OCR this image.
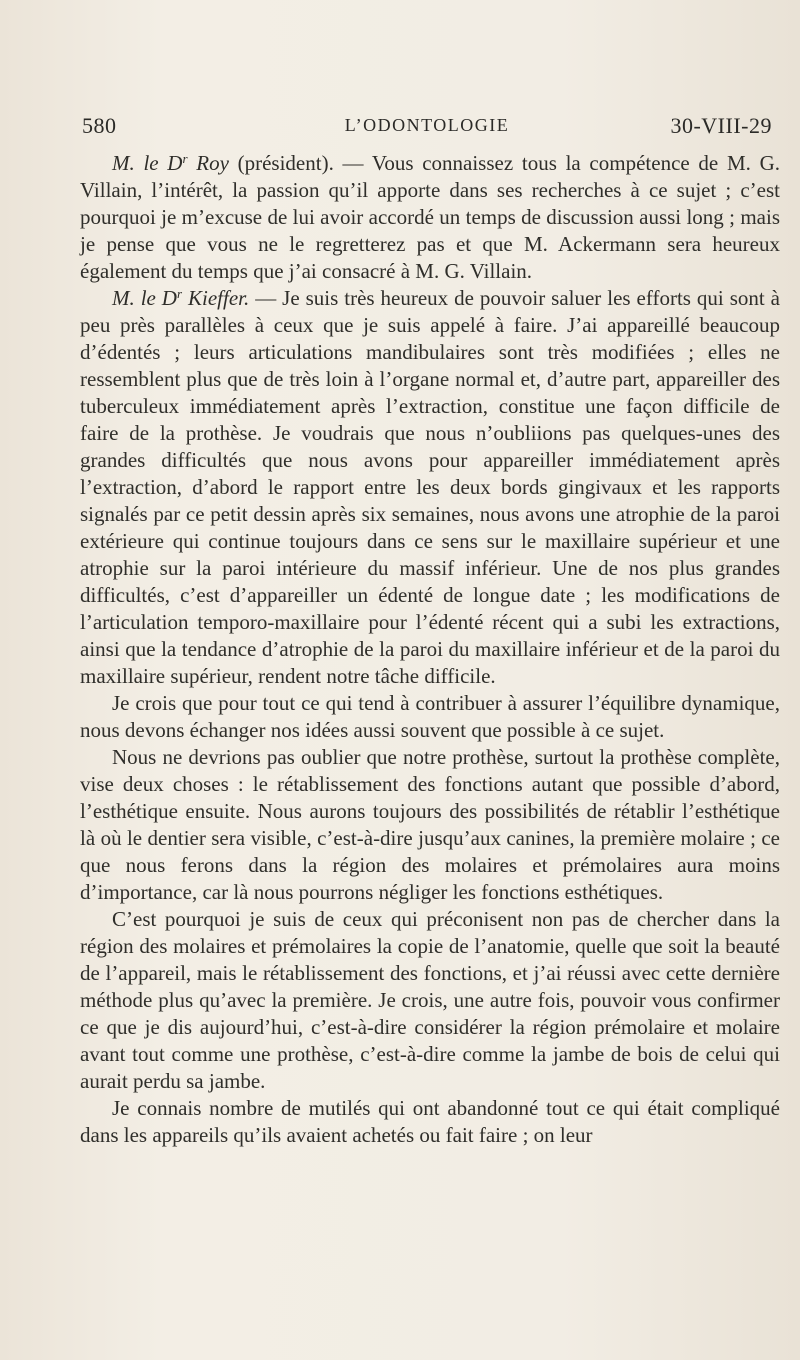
580	L’ODONTOLOGIE	30-VIII-29

M. le $D^r$ Roy (président). — Vous connaissez tous la compétence de M. G. Villain, l’intérêt, la passion qu’il apporte dans ses recherches à ce sujet ; c’est pourquoi je m’excuse de lui avoir accordé un temps de discussion aussi long ; mais je pense que vous ne le regretterez pas et que M. Ackermann sera heureux également du temps que j’ai consacré à M. G. Villain.

M. le $D^r$ Kieffer. — Je suis très heureux de pouvoir saluer les efforts qui sont à peu près parallèles à ceux que je suis appelé à faire. J’ai appareillé beaucoup d’édentés ; leurs articulations mandibulaires sont très modifiées ; elles ne ressemblent plus que de très loin à l’organe normal et, d’autre part, appareiller des tuberculeux immédiatement après l’extraction, constitue une façon difficile de faire de la prothèse. Je voudrais que nous n’oubliions pas quelques-unes des grandes difficultés que nous avons pour appareiller immédiatement après l’extraction, d’abord le rapport entre les deux bords gingivaux et les rapports signalés par ce petit dessin après six semaines, nous avons une atrophie de la paroi extérieure qui continue toujours dans ce sens sur le maxillaire supérieur et une atrophie sur la paroi intérieure du massif inférieur. Une de nos plus grandes difficultés, c’est d’appareiller un édenté de longue date ; les modifications de l’articulation temporo-maxillaire pour l’édenté récent qui a subi les extractions, ainsi que la tendance d’atrophie de la paroi du maxillaire inférieur et de la paroi du maxillaire supérieur, rendent notre tâche difficile.

Je crois que pour tout ce qui tend à contribuer à assurer l’équilibre dynamique, nous devons échanger nos idées aussi souvent que possible à ce sujet.

Nous ne devrions pas oublier que notre prothèse, surtout la prothèse complète, vise deux choses : le rétablissement des fonctions autant que possible d’abord, l’esthétique ensuite. Nous aurons toujours des possibilités de rétablir l’esthétique là où le dentier sera visible, c’est-à-dire jusqu’aux canines, la première molaire ; ce que nous ferons dans la région des molaires et prémolaires aura moins d’importance, car là nous pourrons négliger les fonctions esthétiques.

C’est pourquoi je suis de ceux qui préconisent non pas de chercher dans la région des molaires et prémolaires la copie de l’anatomie, quelle que soit la beauté de l’appareil, mais le rétablissement des fonctions, et j’ai réussi avec cette dernière méthode plus qu’avec la première. Je crois, une autre fois, pouvoir vous confirmer ce que je dis aujourd’hui, c’est-à-dire considérer la région prémolaire et molaire avant tout comme une prothèse, c’est-à-dire comme la jambe de bois de celui qui aurait perdu sa jambe.

Je connais nombre de mutilés qui ont abandonné tout ce qui était compliqué dans les appareils qu’ils avaient achetés ou fait faire ; on leur
